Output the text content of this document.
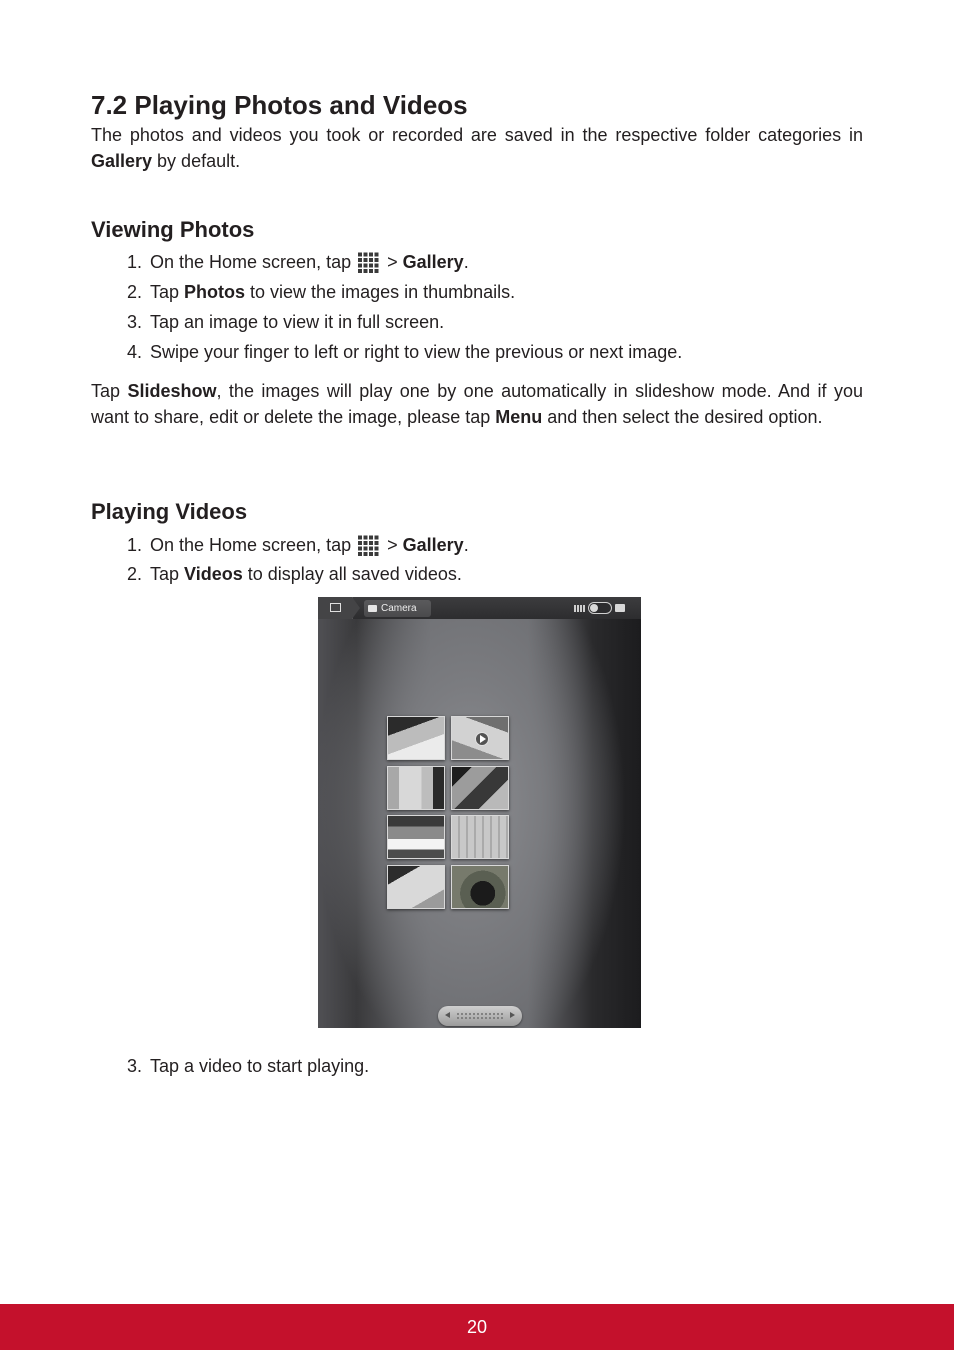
7.2 Playing Photos and Videos

The photos and videos you took or recorded are saved in the respective folder categories in Gallery by default.

Viewing Photos

1. On the Home screen, tap  > Gallery.

2. Tap Photos to view the images in thumbnails.

3. Tap an image to view it in full screen.

4. Swipe your finger to left or right to view the previous or next image.

Tap Slideshow, the images will play one by one automatically in slideshow mode. And if you want to share, edit or delete the image, please tap Menu and then select the desired option.

Playing Videos

1. On the Home screen, tap  > Gallery.

2. Tap Videos to display all saved videos.

Camera

3. Tap a video to start playing.

20
